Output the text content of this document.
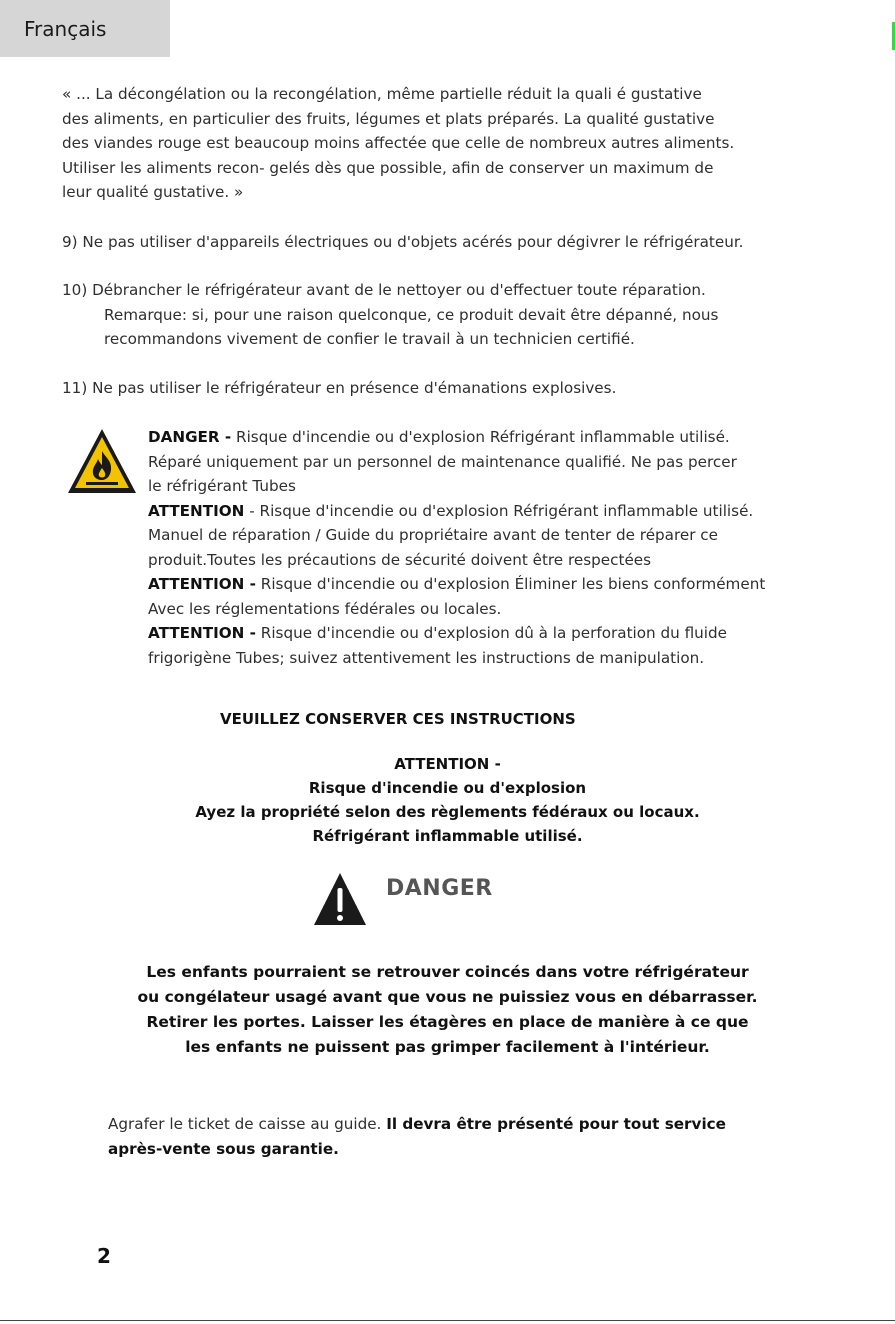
Français

« ... La décongélation ou la recongélation, même partielle réduit la quali é gustative

des aliments, en particulier des fruits, légumes et plats préparés. La qualité gustative

des viandes rouge est beaucoup moins affectée que celle de nombreux autres aliments.

Utiliser les aliments recon- gelés dès que possible, afin de conserver un maximum de

leur qualité gustative. »

9) Ne pas utiliser d'appareils électriques ou d'objets acérés pour dégivrer le réfrigérateur.

10) Débrancher le réfrigérateur avant de le nettoyer ou d'effectuer toute réparation.

Remarque: si, pour une raison quelconque, ce produit devait être dépanné, nous

recommandons vivement de confier le travail à un technicien certifié.

11) Ne pas utiliser le réfrigérateur en présence d'émanations explosives.

DANGER - Risque d'incendie ou d'explosion Réfrigérant inflammable utilisé.

Réparé uniquement par un personnel de maintenance qualifié. Ne pas percer

le réfrigérant Tubes

ATTENTION - Risque d'incendie ou d'explosion Réfrigérant inflammable utilisé.

Manuel de réparation / Guide du propriétaire avant de tenter de réparer ce

produit.Toutes les précautions de sécurité doivent être respectées

ATTENTION - Risque d'incendie ou d'explosion Éliminer les biens conformément

Avec les réglementations fédérales ou locales.

ATTENTION - Risque d'incendie ou d'explosion dû à la perforation du fluide

frigorigène Tubes; suivez attentivement les instructions de manipulation.

VEUILLEZ CONSERVER CES INSTRUCTIONS

ATTENTION -

Risque d'incendie ou d'explosion

Ayez la propriété selon des règlements fédéraux ou locaux.

Réfrigérant inflammable utilisé.

DANGER

Les enfants pourraient se retrouver coincés dans votre réfrigérateur

ou congélateur usagé avant que vous ne puissiez vous en débarrasser.

Retirer les portes. Laisser les étagères en place de manière à ce que

les enfants ne puissent pas grimper facilement à l'intérieur.

Agrafer le ticket de caisse au guide. Il devra être présenté pour tout service

après-vente sous garantie.

2
